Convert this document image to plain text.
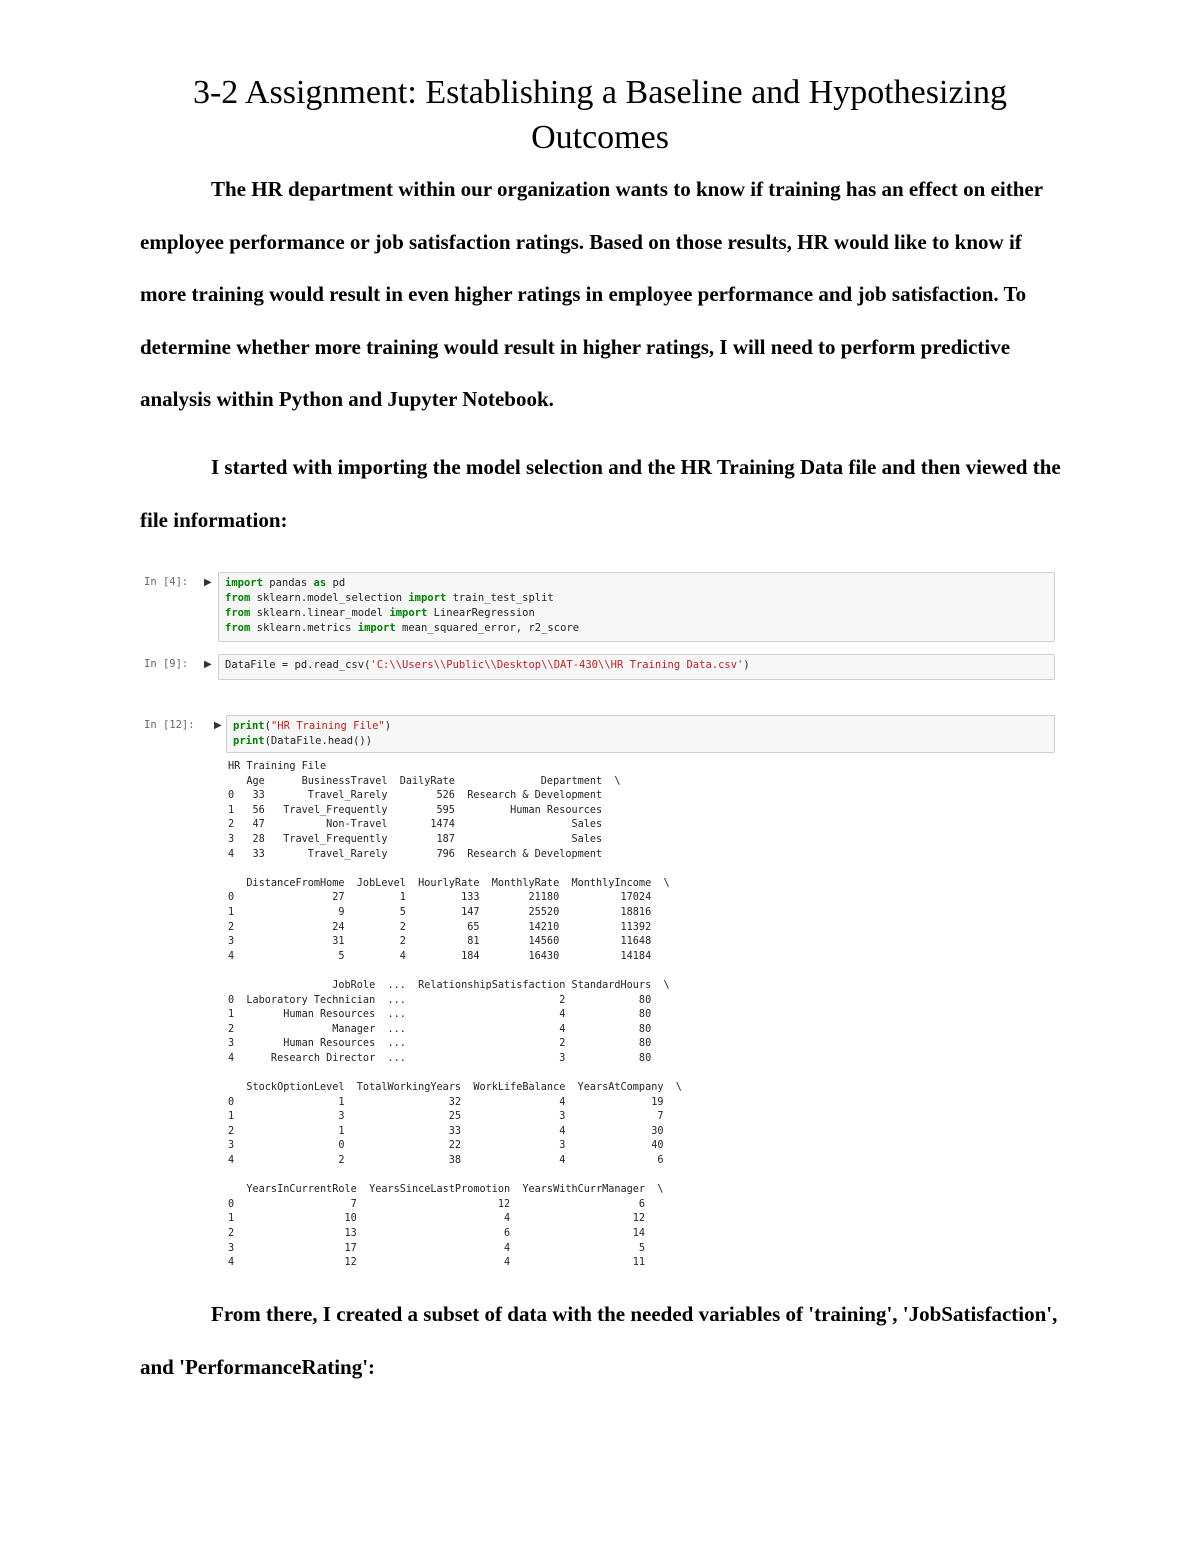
3-2 Assignment: Establishing a Baseline and Hypothesizing
Outcomes

The HR department within our organization wants to know if training has an effect on either employee performance or job satisfaction ratings. Based on those results, HR would like to know if more training would result in even higher ratings in employee performance and job satisfaction. To determine whether more training would result in higher ratings, I will need to perform predictive analysis within Python and Jupyter Notebook.

I started with importing the model selection and the HR Training Data file and then viewed the file information:

In [4]: ▶ import pandas as pd
from sklearn.model_selection import train_test_split
from sklearn.linear_model import LinearRegression
from sklearn.metrics import mean_squared_error, r2_score
In [9]: ▶ DataFile = pd.read_csv('C:\\Users\\Public\\Desktop\\DAT-430\\HR Training Data.csv')
In [12]: ▶ print("HR Training File")
print(DataFile.head())
HR Training File
Age      BusinessTravel  DailyRate              Department  \
0   33       Travel_Rarely        526  Research & Development
1   56   Travel_Frequently        595         Human Resources
2   47          Non-Travel       1474                   Sales
3   28   Travel_Frequently        187                   Sales
4   33       Travel_Rarely        796  Research & Development

DistanceFromHome  JobLevel  HourlyRate  MonthlyRate  MonthlyIncome  \
0                27         1         133        21180          17024
1                 9         5         147        25520          18816
2                24         2          65        14210          11392
3                31         2          81        14560          11648
4                 5         4         184        16430          14184

JobRole  ...  RelationshipSatisfaction StandardHours  \
0  Laboratory Technician  ...                         2            80
1        Human Resources  ...                         4            80
2                Manager  ...                         4            80
3        Human Resources  ...                         2            80
4      Research Director  ...                         3            80

StockOptionLevel  TotalWorkingYears  WorkLifeBalance  YearsAtCompany  \
0                 1                 32                4              19
1                 3                 25                3               7
2                 1                 33                4              30
3                 0                 22                3              40
4                 2                 38                4               6

YearsInCurrentRole  YearsSinceLastPromotion  YearsWithCurrManager  \
0                   7                       12                     6
1                  10                        4                    12
2                  13                        6                    14
3                  17                        4                     5
4                  12                        4                    11

From there, I created a subset of data with the needed variables of 'training', 'JobSatisfaction', and 'PerformanceRating':
